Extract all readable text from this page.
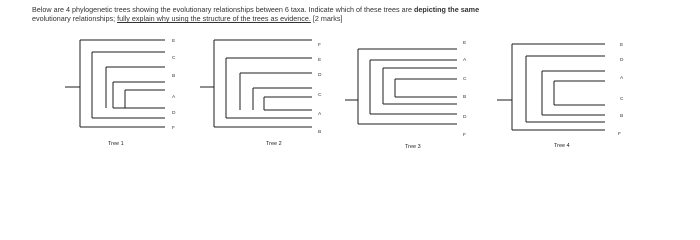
Below are 4 phylogenetic trees showing the evolutionary relationships between 6 taxa. Indicate which of these trees are depicting the same
evolutionary relationships; fully explain why using the structure of the trees as evidence. [2 marks]
E
C
B
A
D
F
Tree 1
F
E
D
C
A
B
Tree 2
E
A
C
B
D
F
Tree 3
E
D
A
C
B
F
Tree 4
